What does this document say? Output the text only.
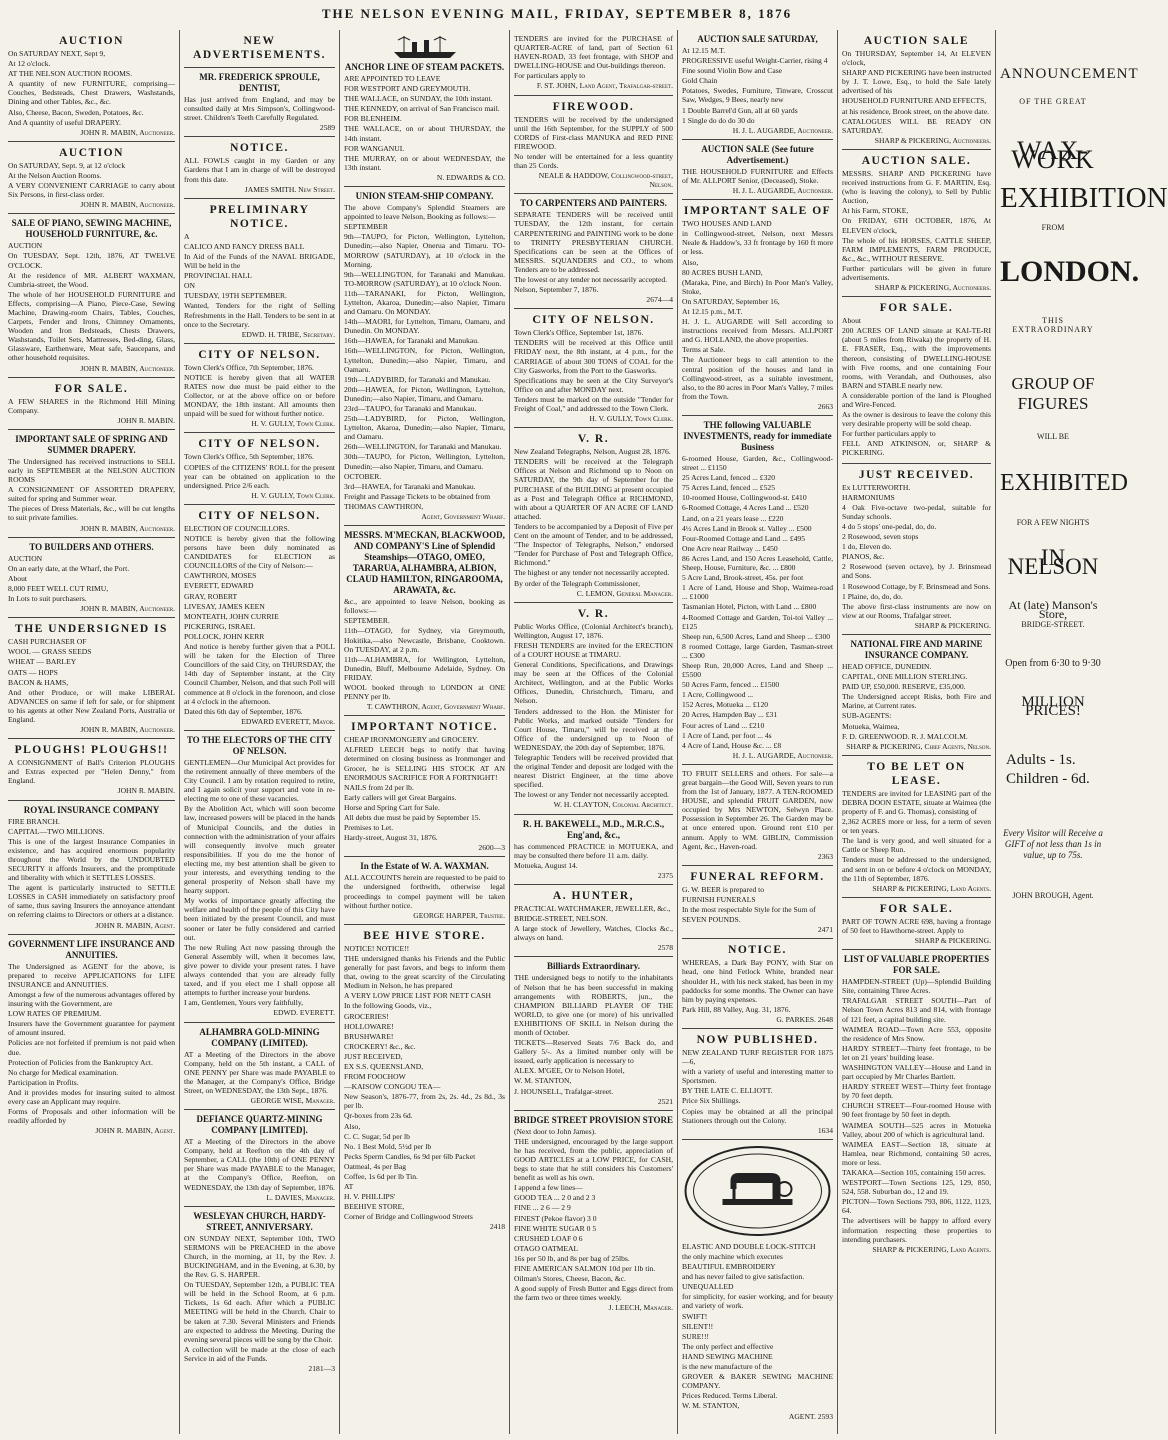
THE NELSON EVENING MAIL, FRIDAY, SEPTEMBER 8, 1876
AUCTION
On SATURDAY NEXT, Sept 9,
At 12 o'clock.
AT THE NELSON AUCTION ROOMS.
A quantity of new FURNITURE, comprising—Couches, Bedsteads, Chest Drawers, Washstands, Dining and other Tables, &c., &c.
Also, Cheese, Bacon, Sweden, Potatoes, &c.
And A quantity of useful DRAPERY.
JOHN R. MABIN, Auctioneer.
AUCTION
On SATURDAY, Sept. 9, at 12 o'clock
At the Nelson Auction Rooms.
A VERY CONVENIENT CARRIAGE to carry about Six Persons, in first-class order.
JOHN R. MABIN, Auctioneer.
SALE OF PIANO, SEWING MACHINE, HOUSEHOLD FURNITURE, &c.
AUCTION
On TUESDAY, Sept. 12th, 1876, AT TWELVE O'CLOCK.
At the residence of MR. ALBERT WAXMAN, Cumbria-street, the Wood.
The whole of her HOUSEHOLD FURNITURE and Effects, comprising—A Piano, Piece-Case, Sewing Machine, Drawing-room Chairs, Tables, Couches, Carpets, Fender and Irons, Chimney Ornaments, Wooden and Iron Bedsteads, Chests Drawers, Washstands, Toilet Sets, Mattresses, Bed-ding, Glass, Glassware, Earthenware, Meat safe, Saucepans, and other household requisites.
JOHN R. MABIN, Auctioneer.
FOR SALE.
A FEW SHARES in the Richmond Hill Mining Company.
JOHN R. MABIN.
IMPORTANT SALE OF SPRING AND SUMMER DRAPERY.
The Undersigned has received instructions to SELL early in SEPTEMBER at the NELSON AUCTION ROOMS
A CONSIGNMENT OF ASSORTED DRAPERY, suited for spring and Summer wear.
The pieces of Dress Materials, &c., will be cut lengths to suit private families.
JOHN R. MABIN, Auctioneer.
TO BUILDERS AND OTHERS.
AUCTION
On an early date, at the Wharf, the Port.
About
8,000 FEET WELL CUT RIMU,
In Lots to suit purchasers.
JOHN R. MABIN, Auctioneer.
THE UNDERSIGNED IS
CASH PURCHASER OF
WOOL — GRASS SEEDS
WHEAT — BARLEY
OATS — HOPS
BACON & HAMS,
And other Produce, or will make LIBERAL ADVANCES on same if left for sale, or for shipment to his agents at other New Zealand Ports, Australia or England.
JOHN R. MABIN, Auctioneer.
PLOUGHS! PLOUGHS!!
A CONSIGNMENT of Ball's Criterion PLOUGHS and Extras expected per "Helen Denny," from England.
JOHN R. MABIN.
ROYAL INSURANCE COMPANY
FIRE BRANCH.
CAPITAL—TWO MILLIONS.
This is one of the largest Insurance Companies in existence, and has acquired enormous popularity throughout the World by the UNDOUBTED SECURITY it affords Insurers, and the promptitude and liberality with which it SETTLES LOSSES.
The agent is particularly instructed to SETTLE LOSSES in CASH immediately on satisfactory proof of same, thus saving Insurers the annoyance attendant on referring claims to Directors or others at a distance.
JOHN R. MABIN, Agent.
GOVERNMENT LIFE INSURANCE AND ANNUITIES.
The Undersigned as AGENT for the above, is prepared to receive APPLICATIONS for LIFE INSURANCE and ANNUITIES.
Amongst a few of the numerous advantages offered by insuring with the Government, are
LOW RATES OF PREMIUM.
Insurers have the Government guarantee for payment of amount insured.
Policies are not forfeited if premium is not paid when due.
Protection of Policies from the Bankruptcy Act.
No charge for Medical examination.
Participation in Profits.
And it provides modes for insuring suited to almost every case an Applicant may require.
Forms of Proposals and other information will be readily afforded by
JOHN R. MABIN, Agent.
NEW ADVERTISEMENTS.
MR. FREDERICK SPROULE, DENTIST,
Has just arrived from England, and may be consulted daily at Mrs Simpson's, Collingwood-street. Children's Teeth Carefully Regulated.
2589
NOTICE.
ALL FOWLS caught in my Garden or any Gardens that I am in charge of will be destroyed from this date.
JAMES SMITH. New Street.
PRELIMINARY NOTICE.
A
CALICO AND FANCY DRESS BALL
In Aid of the Funds of the NAVAL BRIGADE, Will be held in the
PROVINCIAL HALL
ON
TUESDAY, 19TH SEPTEMBER.
Wanted, Tenders for the right of Selling Refreshments in the Hall. Tenders to be sent in at once to the Secretary.
EDWD. H. TRIBE, Secretary.
CITY OF NELSON.
Town Clerk's Office, 7th September, 1876.
NOTICE is hereby given that all WATER RATES now due must be paid either to the Collector, or at the above office on or before MONDAY, the 18th instant. All amounts then unpaid will be sued for without further notice.
H. V. GULLY, Town Clerk.
CITY OF NELSON.
Town Clerk's Office, 5th September, 1876.
COPIES of the CITIZENS' ROLL for the present year can be obtained on application to the undersigned. Price 2/6 each.
H. V. GULLY, Town Clerk.
CITY OF NELSON.
ELECTION OF COUNCILLORS.
NOTICE is hereby given that the following persons have been duly nominated as CANDIDATES for ELECTION as COUNCILLORS of the City of Nelson:—
CAWTHRON, MOSES
EVERETT, EDWARD
GRAY, ROBERT
LIVESAY, JAMES KEEN
MONTEATH, JOHN CURRIE
PICKERING, ISRAEL
POLLOCK, JOHN KERR
And notice is hereby further given that a POLL will be taken for the Election of Three Councillors of the said City, on THURSDAY, the 14th day of September instant, at the City Council Chamber, Nelson, and that such Poll will commence at 8 o'clock in the forenoon, and close at 4 o'clock in the afternoon.
Dated this 6th day of September, 1876.
EDWARD EVERETT, Mayor.
TO THE ELECTORS OF THE CITY OF NELSON.
GENTLEMEN—Our Municipal Act provides for the retirement annually of three members of the City Council. I am by rotation required to retire, and I again solicit your support and vote in re-electing me to one of these vacancies.
By the Abolition Act, which will soon become law, increased powers will be placed in the hands of Municipal Councils, and the duties in connection with the administration of your affairs will consequently involve much greater responsibilities. If you do me the honor of electing me, my best attention shall be given to your interests, and everything tending to the general prosperity of Nelson shall have my hearty support.
My works of importance greatly affecting the welfare and health of the people of this City have been initiated by the present Council, and must sooner or later be fully considered and carried out.
The new Ruling Act now passing through the General Assembly will, when it becomes law, give power to divide your present rates. I have always contended that you are already fully taxed, and if you elect me I shall oppose all attempts to further increase your burdens.
I am, Gentlemen, Yours very faithfully,
EDWD. EVERETT.
ALHAMBRA GOLD-MINING COMPANY (LIMITED).
AT a Meeting of the Directors in the above Company, held on the 5th instant, a CALL of ONE PENNY per Share was made PAYABLE to the Manager, at the Company's Office, Bridge Street, on WEDNESDAY, the 13th Sept., 1876.
GEORGE WISE, Manager.
DEFIANCE QUARTZ-MINING COMPANY [LIMITED].
AT a Meeting of the Directors in the above Company, held at Reefton on the 4th day of September, a CALL (the 10th) of ONE PENNY per Share was made PAYABLE to the Manager, at the Company's Office, Reefton, on WEDNESDAY, the 13th day of September, 1876.
L. DAVIES, Manager.
WESLEYAN CHURCH, HARDY-STREET, ANNIVERSARY.
ON SUNDAY NEXT, September 10th, TWO SERMONS will be PREACHED in the above Church, in the morning, at 11, by the Rev. J. BUCKINGHAM, and in the Evening, at 6.30, by the Rev. G. S. HARPER.
On TUESDAY, September 12th, a PUBLIC TEA will be held in the School Room, at 6 p.m. Tickets, 1s 6d each. After which a PUBLIC MEETING will be held in the Church. Chair to be taken at 7.30. Several Ministers and Friends are expected to address the Meeting. During the evening several pieces will be sung by the Choir.
A collection will be made at the close of each Service in aid of the Funds.
2181—3
ANCHOR LINE OF STEAM PACKETS.
ARE APPOINTED TO LEAVE
FOR WESTPORT AND GREYMOUTH.
THE WALLACE, on SUNDAY, the 10th instant.
THE KENNEDY, on arrival of San Francisco mail.
FOR BLENHEIM.
THE WALLACE, on or about THURSDAY, the 14th instant.
FOR WANGANUI.
THE MURRAY, on or about WEDNESDAY, the 13th instant.
N. EDWARDS & CO.
UNION STEAM-SHIP COMPANY.
The above Company's Splendid Steamers are appointed to leave Nelson, Booking as follows:—
SEPTEMBER
9th—TAUPO, for Picton, Wellington, Lyttelton, Dunedin;—also Napier, Onerua and Timaru. TO-MORROW (SATURDAY), at 10 o'clock in the Morning.
9th—WELLINGTON, for Taranaki and Manukau. TO-MORROW (SATURDAY), at 10 o'clock Noon.
11th—TARANAKI, for Picton, Wellington, Lyttelton, Akaroa, Dunedin;—also Napier, Timaru and Oamaru. On MONDAY.
14th—MAORI, for Lyttelton, Timaru, Oamaru, and Dunedin. On MONDAY.
16th—HAWEA, for Taranaki and Manukau.
16th—WELLINGTON, for Picton, Wellington, Lyttelton, Dunedin;—also Napier, Timaru, and Oamaru.
19th—LADYBIRD, for Taranaki and Manukau.
20th—HAWEA, for Picton, Wellington, Lyttelton, Dunedin;—also Napier, Timaru, and Oamaru.
23rd—TAUPO, for Taranaki and Manukau.
25th—LADYBIRD, for Picton, Wellington, Lyttelton, Akaroa, Dunedin;—also Napier, Timaru, and Oamaru.
26th—WELLINGTON, for Taranaki and Manukau.
30th—TAUPO, for Picton, Wellington, Lyttelton, Dunedin;—also Napier, Timaru, and Oamaru.
OCTOBER.
3rd—HAWEA, for Taranaki and Manukau.
Freight and Passage Tickets to be obtained from
THOMAS CAWTHRON,
Agent, Government Wharf.
MESSRS. M'MECKAN, BLACKWOOD, AND COMPANY'S Line of Splendid Steamships—OTAGO, OMEO, TARARUA, ALHAMBRA, ALBION, CLAUD HAMILTON, RINGAROOMA, ARAWATA, &c.
&c., are appointed to leave Nelson, booking as follows:—
SEPTEMBER.
11th—OTAGO, for Sydney, via Greymouth, Hokitika,—also Newcastle, Brisbane, Cooktown. On TUESDAY, at 2 p.m.
11th—ALHAMBRA, for Wellington, Lyttelton, Dunedin, Bluff, Melbourne Adelaide, Sydney. On FRIDAY.
WOOL booked through to LONDON at ONE PENNY per lb.
T. CAWTHRON, Agent, Government Wharf.
IMPORTANT NOTICE.
CHEAP IRONMONGERY and GROCERY.
ALFRED LEECH begs to notify that having determined on closing business as Ironmonger and Grocer, he is SELLING HIS STOCK AT AN ENORMOUS SACRIFICE FOR A FORTNIGHT!
NAILS from 2d per lb.
Early callers will get Great Bargains.
Horse and Spring Cart for Sale.
All debts due must be paid by September 15.
Premises to Let.
Hardy-street, August 31, 1876.
2600—3
In the Estate of W. A. WAXMAN.
ALL ACCOUNTS herein are requested to be paid to the undersigned forthwith, otherwise legal proceedings to compel payment will be taken without further notice.
GEORGE HARPER, Trustee.
BEE HIVE STORE.
NOTICE! NOTICE!!
THE undersigned thanks his Friends and the Public generally for past favors, and begs to inform them that, owing to the great scarcity of the Circulating Medium in Nelson, he has prepared
A VERY LOW PRICE LIST FOR NETT CASH
In the following Goods, viz.,
GROCERIES!
HOLLOWARE!
BRUSHWARE!
CROCKERY! &c., &c.
JUST RECEIVED,
EX S.S. QUEENSLAND,
FROM FOOCHOW
—KAISOW CONGOU TEA—
New Season's, 1876-77, from 2s, 2s. 4d., 2s 8d., 3s per lb.
Qr-boxes from 23s 6d.
Also,
C. C. Sugar, 5d per lb
No. 1 Best Mold, 5½d per lb
Pecks Sperm Candles, 6s 9d per 6lb Packet
Oatmeal, 4s per Bag
Coffee, 1s 6d per lb Tin.
AT
H. V. PHILLIPS'
BEEHIVE STORE,
Corner of Bridge and Collingwood Streets
2418
TENDERS are invited for the PURCHASE of QUARTER-ACRE of land, part of Section 61 HAVEN-ROAD, 33 feet frontage, with SHOP and DWELLING-HOUSE and Out-buildings thereon.
For particulars apply to
F. ST. JOHN, Land Agent, Trafalgar-street.
FIREWOOD.
TENDERS will be received by the undersigned until the 16th September, for the SUPPLY of 500 CORDS of First-class MANUKA and RED PINE FIREWOOD.
No tender will be entertained for a less quantity than 25 Cords.
NEALE & HADDOW, Collingwood-street, Nelson.
TO CARPENTERS AND PAINTERS.
SEPARATE TENDERS will be received until TUESDAY, the 12th instant, for certain CARPENTERING and PAINTING work to be done to TRINITY PRESBYTERIAN CHURCH. Specifications can be seen at the Offices of MESSRS. SQUANDERS and CO., to whom Tenders are to be addressed.
The lowest or any tender not necessarily accepted.
Nelson, September 7, 1876.
2674—4
CITY OF NELSON.
Town Clerk's Office, September 1st, 1876.
TENDERS will be received at this Office until FRIDAY next, the 8th instant, at 4 p.m., for the CARRIAGE of about 300 TONS of COAL for the City Gasworks, from the Port to the Gasworks.
Specifications may be seen at the City Surveyor's Office on and after MONDAY next.
Tenders must be marked on the outside "Tender for Freight of Coal," and addressed to the Town Clerk.
H. V. GULLY, Town Clerk.
V. R.
New Zealand Telegraphs, Nelson, August 28, 1876.
TENDERS will be received at the Telegraph Offices at Nelson and Richmond up to Noon on SATURDAY, the 9th day of September for the PURCHASE of the BUILDING at present occupied as a Post and Telegraph Office at RICHMOND, with about a QUARTER OF AN ACRE OF LAND attached.
Tenders to be accompanied by a Deposit of Five per Cent on the amount of Tender, and to be addressed, "The Inspector of Telegraphs, Nelson," endorsed "Tender for Purchase of Post and Telegraph Office, Richmond."
The highest or any tender not necessarily accepted.
By order of the Telegraph Commissioner,
C. LEMON, General Manager.
V. R.
Public Works Office, (Colonial Architect's branch), Wellington, August 17, 1876.
FRESH TENDERS are invited for the ERECTION of a COURT HOUSE at TIMARU.
General Conditions, Specifications, and Drawings may be seen at the Offices of the Colonial Architect, Wellington, and at the Public Works Offices, Dunedin, Christchurch, Timaru, and Nelson.
Tenders addressed to the Hon. the Minister for Public Works, and marked outside "Tenders for Court House, Timaru," will be received at the Office of the undersigned up to Noon of WEDNESDAY, the 20th day of September, 1876.
Telegraphic Tenders will be received provided that the original Tender and deposit are lodged with the nearest District Engineer, at the time above specified.
The lowest or any Tender not necessarily accepted.
W. H. CLAYTON, Colonial Architect.
R. H. BAKEWELL, M.D., M.R.C.S., Eng'and, &c.,
has commenced PRACTICE in MOTUEKA, and may be consulted there before 11 a.m. daily.
Motueka, August 14.
2375
A. HUNTER,
PRACTICAL WATCHMAKER, JEWELLER, &c.,
BRIDGE-STREET, NELSON.
A large stock of Jewellery, Watches, Clocks &c., always on hand.
2578
Billiards Extraordinary.
THE undersigned begs to notify to the inhabitants of Nelson that he has been successful in making arrangements with ROBERTS, jun., the CHAMPION BILLIARD PLAYER OF THE WORLD, to give one (or more) of his unrivalled EXHIBITIONS OF SKILL in Nelson during the month of October.
TICKETS—Reserved Seats 7/6 Back do, and Gallery 5/-. As a limited number only will be issued, early application is necessary to
ALEX. M'GEE, Or to Nelson Hotel,
W. M. STANTON,
J. HOUNSELL, Trafalgar-street.
2521
BRIDGE STREET PROVISION STORE
(Next door to John James).
THE undersigned, encouraged by the large support he has received, from the public, appreciation of GOOD ARTICLES at a LOW PRICE, for CASH, begs to state that he still considers his Customers' benefit as well as his own.
I append a few lines—
GOOD TEA ... 2 0 and 2 3
FINE ... 2 6 — 2 9
FINEST (Pekoe flavor) 3 0
FINE WHITE SUGAR 0 5
CRUSHED LOAF 0 6
OTAGO OATMEAL
16s per 50 lb, and 8s per bag of 25lbs.
FINE AMERICAN SALMON 10d per 1lb tin.
Oilman's Stores, Cheese, Bacon, &c.
A good supply of Fresh Butter and Eggs direct from the farm two or three times weekly.
J. LEECH, Manager.
AUCTION SALE SATURDAY,
At 12.15 M.T.
PROGRESSIVE useful Weight-Carrier, rising 4
Fine sound Violin Bow and Case
Gold Chain
Potatoes, Swedes, Furniture, Tinware, Crosscut Saw, Wedges, 9 Bees, nearly new
1 Double Barrel'd Gun, all at 60 yards
1 Single do do do 30 do
H. J. L. AUGARDE, Auctioneer.
AUCTION SALE (See future Advertisement.)
THE HOUSEHOLD FURNITURE and Effects of Mr. ALLPORT Senior, (Deceased), Stoke.
H. J. L. AUGARDE, Auctioneer.
IMPORTANT SALE OF
TWO HOUSES AND LAND
in Collingwood-street, Nelson, next Messrs Neale & Haddow's, 33 ft frontage by 160 ft more or less.
Also,
80 ACRES BUSH LAND,
(Maraka, Pine, and Birch) In Poor Man's Valley, Stoke,
On SATURDAY, September 16,
At 12.15 p.m., M.T.
H. J. L. AUGARDE will Sell according to instructions received from Messrs. ALLPORT and G. HOLLAND, the above properties.
Terms at Sale.
The Auctioneer begs to call attention to the central position of the houses and land in Collingwood-street, as a suitable investment, also, to the 80 acres in Poor Man's Valley, 7 miles from the Town.
2663
THE following VALUABLE INVESTMENTS, ready for immediate Business
6-roomed House, Garden, &c., Collingwood-street ... £1150
25 Acres Land, fenced ... £320
75 Acres Land, fenced ... £525
10-roomed House, Collingwood-st. £410
6-Roomed Cottage, 4 Acres Land ... £520
Land, on a 21 years lease ... £220
4½ Acres Land in Brook st. Valley ... £500
Four-Roomed Cottage and Land ... £495
One Acre near Railway ... £450
86 Acres Land, and 150 Acres Leasehold, Cattle, Sheep, House, Furniture, &c. ... £800
5 Acre Land, Brook-street, 45s. per foot
1 Acre of Land, House and Shop, Waimea-road ... £1000
Tasmanian Hotel, Picton, with Land ... £800
4-Roomed Cottage and Garden, Toi-toi Valley ... £125
Sheep run, 6,500 Acres, Land and Sheep ... £300
8 roomed Cottage, large Garden, Tasman-street ... £300
Sheep Run, 20,000 Acres, Land and Sheep ... £5500
50 Acres Farm, fenced ... £1500
1 Acre, Collingwood ...
152 Acres, Motueka ... £120
20 Acres, Hampden Bay ... £31
Four acres of Land ... £210
1 Acre of Land, per foot ... 4s
4 Acre of Land, House &c. ... £8
H. J. L. AUGARDE, Auctioneer.
TO FRUIT SELLERS and others. For sale—a great bargain—the Good Will, Seven years to run from the 1st of January, 1877. A TEN-ROOMED HOUSE, and splendid FRUIT GARDEN, now occupied by Mrs NEWTON, Selwyn Place. Possession in September 26. The Garden may be at once entered upon. Ground rent £10 per annum. Apply to WM. GIBLIN, Commission Agent, &c., Haven-road.
2363
FUNERAL REFORM.
G. W. BEER is prepared to
FURNISH FUNERALS
In the most respectable Style for the Sum of
SEVEN POUNDS.
2471
NOTICE.
WHEREAS, a Dark Bay PONY, with Star on head, one hind Fetlock White, branded near shoulder H., with his neck staked, has been in my paddocks for some months. The Owner can have him by paying expenses.
Park Hill, 88 Valley, Aug. 31, 1876.
G. PARKES. 2648
NOW PUBLISHED.
NEW ZEALAND TURF REGISTER FOR 1875—6,
with a variety of useful and interesting matter to Sportsmen.
BY THE LATE C. ELLIOTT.
Price Six Shillings.
Copies may be obtained at all the principal Stationers through out the Colony.
1634
ELASTIC AND DOUBLE LOCK-STITCH
the only machine which executes
BEAUTIFUL EMBROIDERY
and has never failed to give satisfaction.
UNEQUALLED
for simplicity, for easier working, and for beauty and variety of work.
SWIFT!
SILENT!!
SURE!!!
The only perfect and effective
HAND SEWING MACHINE
is the new manufacture of the
GROVER & BAKER SEWING MACHINE COMPANY.
Prices Reduced. Terms Liberal.
W. M. STANTON,
AGENT. 2593
AUCTION SALE
On THURSDAY, September 14, At ELEVEN o'clock,
SHARP AND PICKERING have been instructed by J. T. Lowe, Esq., to hold the Sale lately advertised of his
HOUSEHOLD FURNITURE AND EFFECTS,
at his residence, Brook street, on the above date.
CATALOGUES WILL BE READY ON SATURDAY.
SHARP & PICKERING, Auctioneers.
AUCTION SALE.
MESSRS. SHARP AND PICKERING have received instructions from G. F. MARTIN, Esq. (who is leaving the colony), to Sell by Public Auction,
At his Farm, STOKE,
On FRIDAY, 6TH OCTOBER, 1876, At ELEVEN o'clock,
The whole of his HORSES, CATTLE SHEEP, FARM IMPLEMENTS, FARM PRODUCE, &c., &c., WITHOUT RESERVE.
Further particulars will be given in future advertisements.
SHARP & PICKERING, Auctioneers.
FOR SALE.
About
200 ACRES OF LAND situate at KAI-TE-RI (about 5 miles from Riwaka) the property of H. E. FRASER, Esq., with the improvements thereon, consisting of DWELLING-HOUSE with Five rooms, and one containing Four rooms, with Verandah, and Outhouses, also BARN and STABLE nearly new.
A considerable portion of the land is Ploughed and Wire-Fenced.
As the owner is desirous to leave the colony this very desirable property will be sold cheap.
For further particulars apply to
FELL AND ATKINSON, or, SHARP & PICKERING.
JUST RECEIVED.
Ex LUTTERWORTH.
HARMONIUMS
4 Oak Five-octave two-pedal, suitable for Sunday schools.
4 do 5 stops' one-pedal, do, do.
2 Rosewood, seven stops
1 do, Eleven do.
PIANOS, &c.
2 Rosewood (seven octave), by J. Brinsmead and Sons.
1 Rosewood Cottage, by F. Brinsmead and Sons.
1 Plaine, do, do, do.
The above first-class instruments are now on view at our Rooms, Trafalgar street.
SHARP & PICKERING.
NATIONAL FIRE AND MARINE INSURANCE COMPANY.
HEAD OFFICE, DUNEDIN.
CAPITAL, ONE MILLION STERLING.
PAID UP, £50,000. RESERVE, £35,000.
The Undersigned accept Risks, both Fire and Marine, at Current rates.
SUB-AGENTS:
Motueka, Waimea,
F. D. GREENWOOD. R. J. MALCOLM.
SHARP & PICKERING, Chief Agents, Nelson.
TO BE LET ON LEASE.
TENDERS are invited for LEASING part of the DEBRA DOON ESTATE, situate at Waimea (the property of F. and G. Thomas), consisting of
2,362 ACRES more or less, for a term of seven or ten years.
The land is very good, and well situated for a Cattle or Sheep Run.
Tenders must be addressed to the undersigned, and sent in on or before 4 o'clock on MONDAY, the 11th of September, 1876.
SHARP & PICKERING, Land Agents.
FOR SALE.
PART OF TOWN ACRE 698, having a frontage of 50 feet to Hawthorne-street. Apply to
SHARP & PICKERING.
LIST OF VALUABLE PROPERTIES FOR SALE.
HAMPDEN-STREET (Up)—Splendid Building Site, containing Three Acres.
TRAFALGAR STREET SOUTH—Part of Nelson Town Acres 813 and 814, with frontage of 121 feet, a capital building site.
WAIMEA ROAD—Town Acre 553, opposite the residence of Mrs Snow.
HARDY STREET—Thirty feet frontage, to be let on 21 years' building lease.
WASHINGTON VALLEY—House and Land in part occupied by Mr Charles Bartlett.
HARDY STREET WEST—Thirty feet frontage by 70 feet depth.
CHURCH STREET—Four-roomed House with 90 feet frontage by 50 feet in depth.
WAIMEA SOUTH—525 acres in Motueka Valley, about 200 of which is agricultural land.
WAIMEA EAST—Section 18, situate at Hamlea, near Richmond, containing 50 acres, more or less.
TAKAKA—Section 105, containing 150 acres.
WESTPORT—Town Sections 125, 129, 850, 524, 558. Suburban do., 12 and 19.
PICTON—Town Sections 793, 806, 1122, 1123, 64.
The advertisers will be happy to afford every information respecting these properties to intending purchasers.
SHARP & PICKERING, Land Agents.
ANNOUNCEMENT
OF THE GREAT
WAX-WORK
EXHIBITION
FROM
LONDON.
THIS EXTRAORDINARY
GROUP OF FIGURES
WILL BE
EXHIBITED
FOR A FEW NIGHTS
IN NELSON
At (late) Manson's Store,
BRIDGE-STREET.
Open from 6·30 to 9·30
MILLION PRICES!
Adults - 1s.
Children - 6d.
Every Visitor will Receive a GIFT of not less than 1s in value, up to 75s.
JOHN BROUGH, Agent.
